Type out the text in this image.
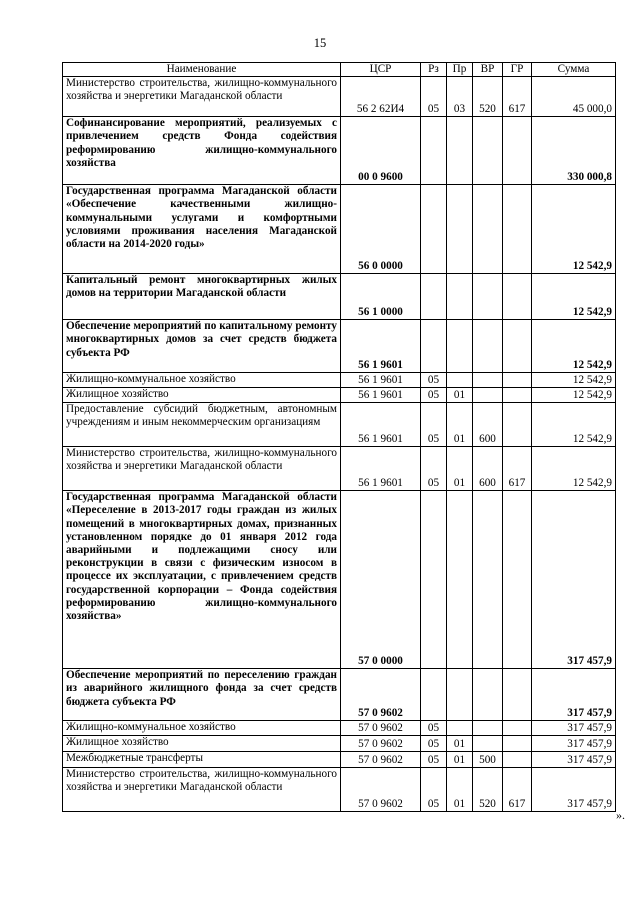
15
Наименование	ЦСР	Рз	Пр	ВР	ГР	Сумма
Министерство строительства, жилищно-коммунального хозяйства и энергетики Магаданской области	56 2 62И4	05	03	520	617	45 000,0
Софинансирование мероприятий, реализуемых с привлечением средств Фонда содействия реформированию жилищно-коммунального хозяйства	00 0 9600					330 000,8
Государственная программа Магаданской области «Обеспечение качественными жилищно-коммунальными услугами и комфортными условиями проживания населения Магаданской области на 2014-2020 годы»	56 0 0000					12 542,9
Капитальный ремонт многоквартирных жилых домов на территории Магаданской области	56 1 0000					12 542,9
Обеспечение мероприятий по капитальному ремонту многоквартирных домов за счет средств бюджета субъекта РФ	56 1 9601					12 542,9
Жилищно-коммунальное хозяйство	56 1 9601	05				12 542,9
Жилищное хозяйство	56 1 9601	05	01			12 542,9
Предоставление субсидий бюджетным, автономным учреждениям и иным некоммерческим организациям	56 1 9601	05	01	600		12 542,9
Министерство строительства, жилищно-коммунального хозяйства и энергетики Магаданской области	56 1 9601	05	01	600	617	12 542,9
Государственная программа Магаданской области «Переселение в 2013-2017 годы граждан из жилых помещений в многоквартирных домах, признанных установленном порядке до 01 января 2012 года аварийными и подлежащими сносу или реконструкции в связи с физическим износом в процессе их эксплуатации, с привлечением средств государственной корпорации – Фонда содействия реформированию жилищно-коммунального хозяйства»	57 0 0000					317 457,9
Обеспечение мероприятий по переселению граждан из аварийного жилищного фонда за счет средств бюджета субъекта РФ	57 0 9602					317 457,9
Жилищно-коммунальное хозяйство	57 0 9602	05				317 457,9
Жилищное хозяйство	57 0 9602	05	01			317 457,9
Межбюджетные трансферты	57 0 9602	05	01	500		317 457,9
Министерство строительства, жилищно-коммунального хозяйства и энергетики Магаданской области	57 0 9602	05	01	520	617	317 457,9
».
